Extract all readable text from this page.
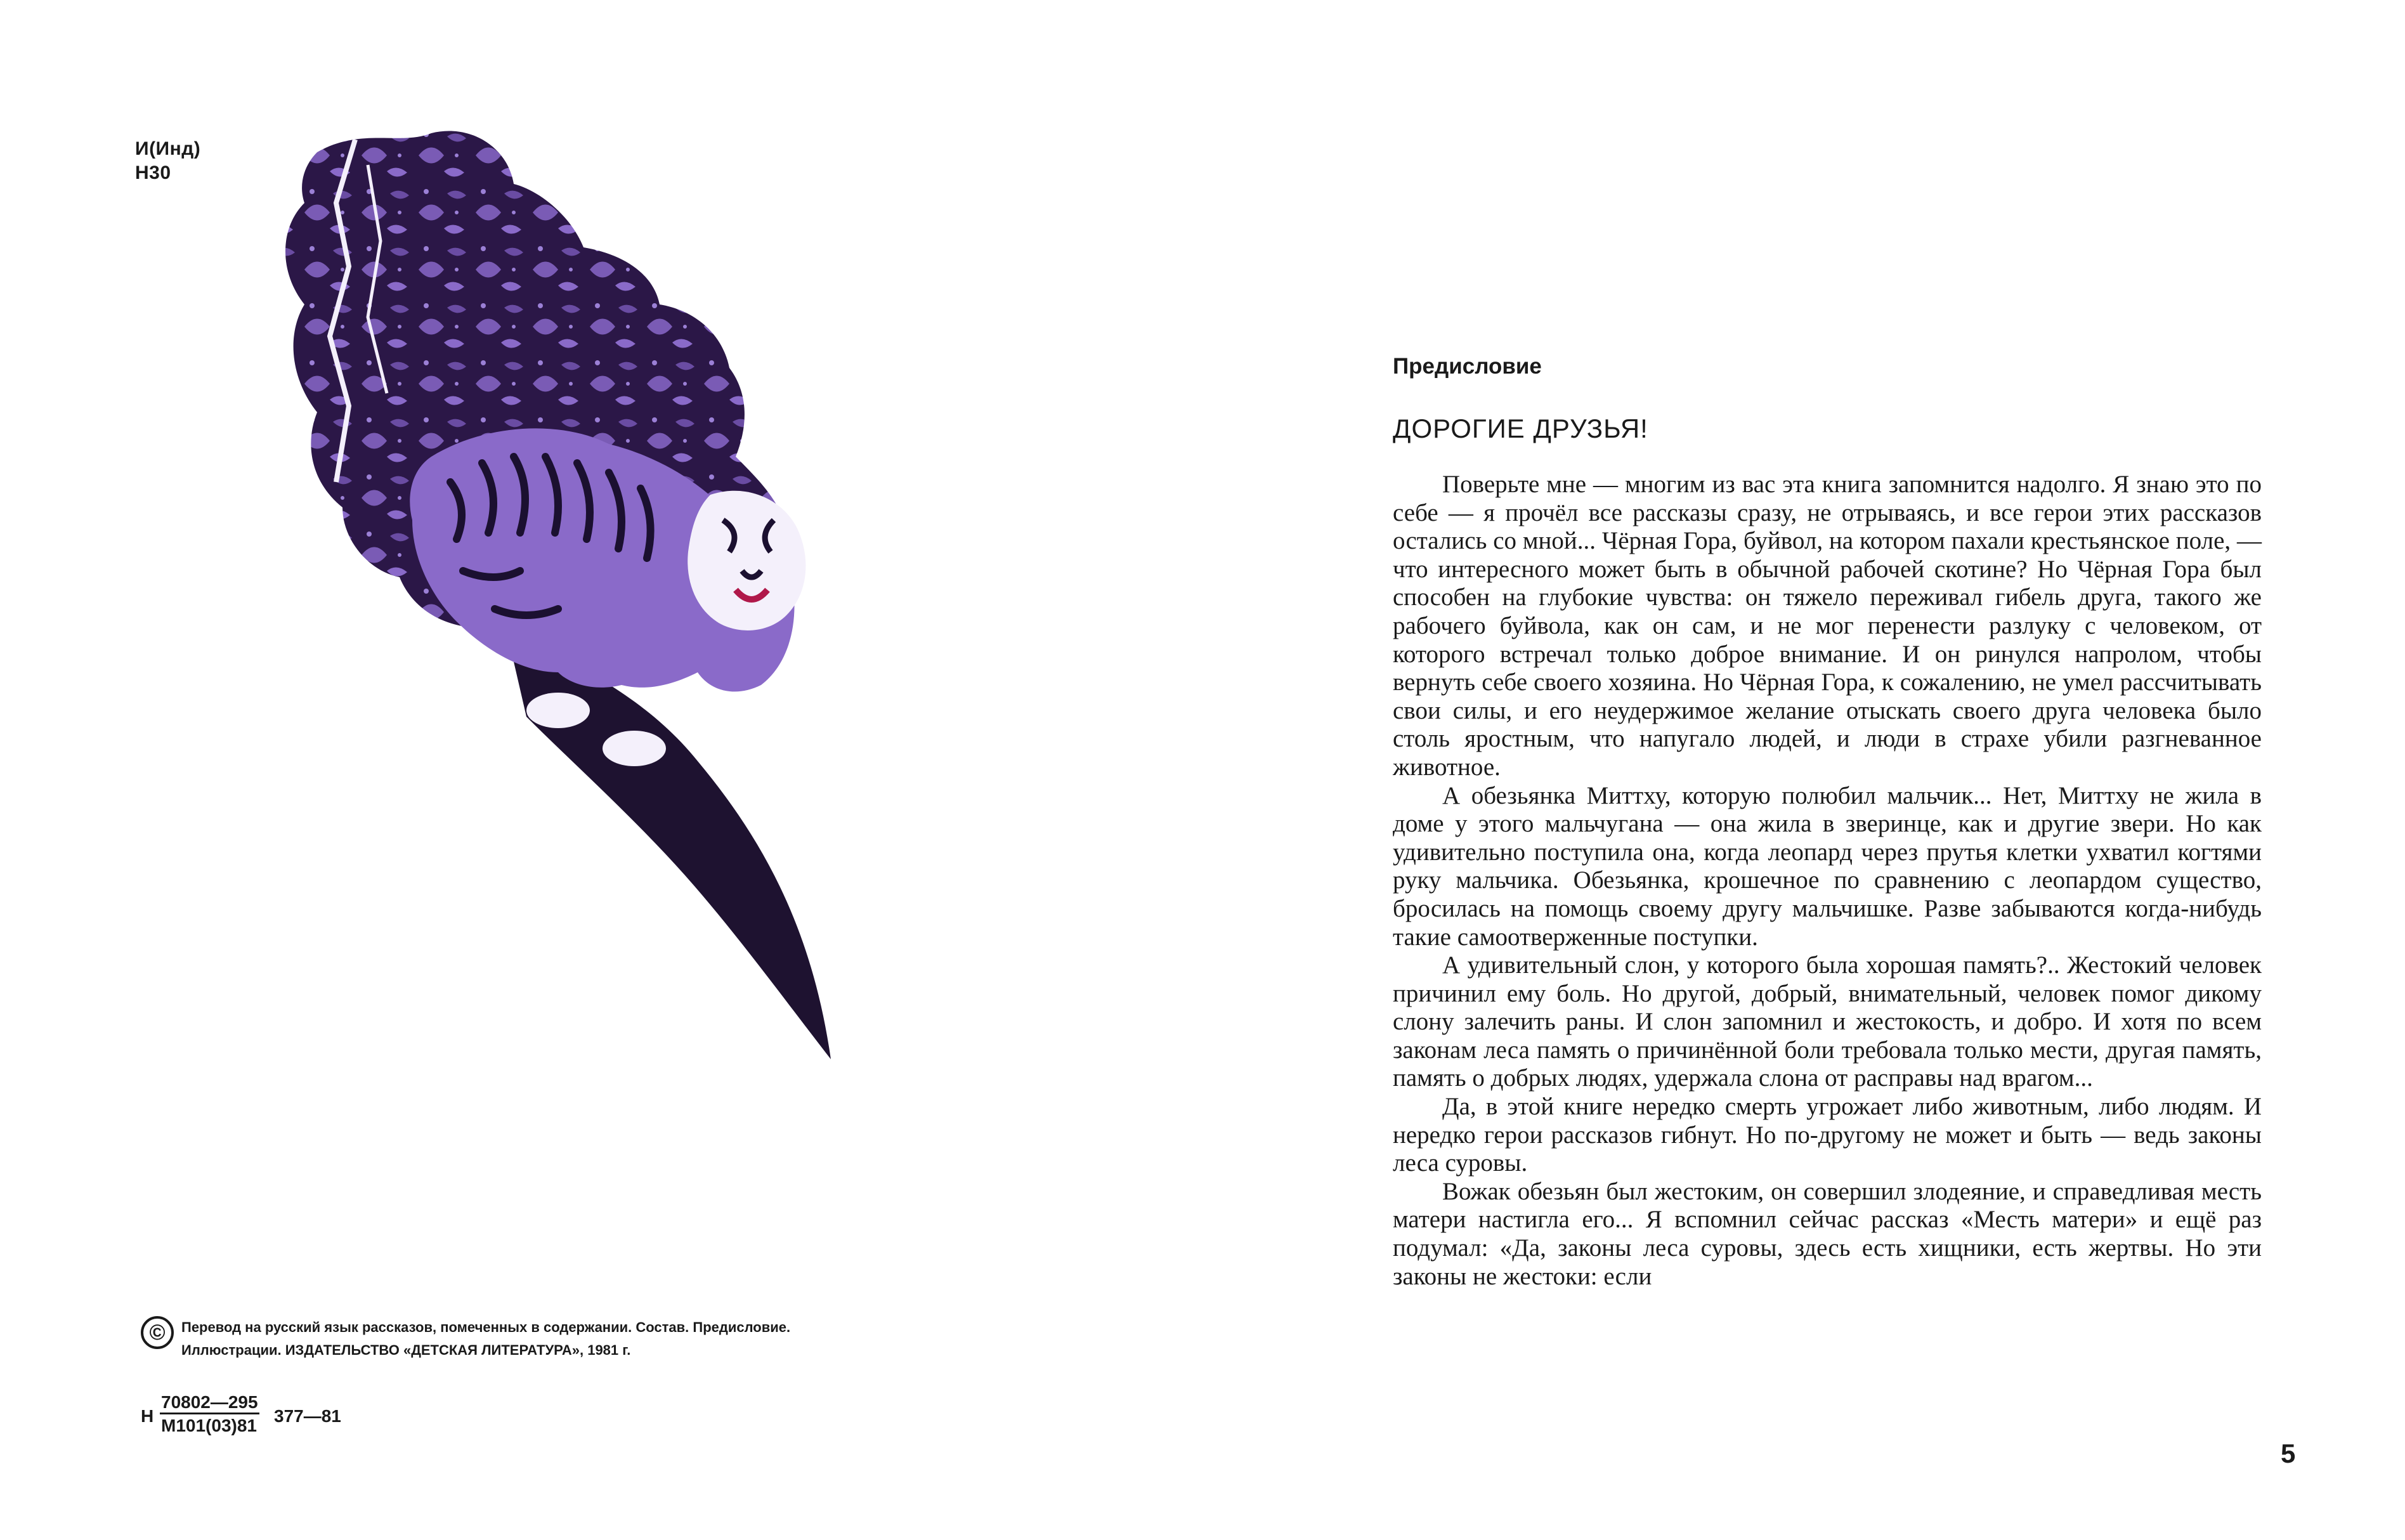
И(Инд)
Н30
©	Перевод на русский язык рассказов, помеченных в содержании. Состав. Предисловие.
Иллюстрации. ИЗДАТЕЛЬСТВО «ДЕТСКАЯ ЛИТЕРАТУРА», 1981 г.
Н
70802—295
М101(03)81 377—81
Предисловие
ДОРОГИЕ ДРУЗЬЯ!

Поверьте мне — многим из вас эта книга запомнится надолго. Я знаю это по себе — я прочёл все рассказы сразу, не отрываясь, и все герои этих рассказов остались со мной... Чёрная Гора, буйвол, на котором пахали крестьянское поле, — что интересного может быть в обычной рабочей скотине? Но Чёрная Гора был способен на глубокие чувства: он тяжело переживал гибель друга, такого же рабочего буйвола, как он сам, и не мог перенести разлуку с человеком, от которого встречал только доброе внимание. И он ринулся напролом, чтобы вернуть себе своего хозяина. Но Чёрная Гора, к сожалению, не умел рассчитывать свои силы, и его неудержимое желание отыскать своего друга человека было столь яростным, что напугало людей, и люди в страхе убили разгневанное животное.

А обезьянка Миттху, которую полюбил мальчик... Нет, Миттху не жила в доме у этого мальчугана — она жила в зверинце, как и другие звери. Но как удивительно поступила она, когда леопард через прутья клетки ухватил когтями руку мальчика. Обезьянка, крошечное по сравнению с леопардом существо, бросилась на помощь своему другу мальчишке. Разве забываются когда-нибудь такие самоотверженные поступки.

А удивительный слон, у которого была хорошая память?.. Жестокий человек причинил ему боль. Но другой, добрый, внимательный, человек помог дикому слону залечить раны. И слон запомнил и жестокость, и добро. И хотя по всем законам леса память о причинённой боли требовала только мести, другая память, память о добрых людях, удержала слона от расправы над врагом...

Да, в этой книге нередко смерть угрожает либо животным, либо людям. И нередко герои рассказов гибнут. Но по-другому не может и быть — ведь законы леса суровы.

Вожак обезьян был жестоким, он совершил злодеяние, и справедливая месть матери настигла его... Я вспомнил сейчас рассказ «Месть матери» и ещё раз подумал: «Да, законы леса суровы, здесь есть хищники, есть жертвы. Но эти законы не жестоки: если

5
